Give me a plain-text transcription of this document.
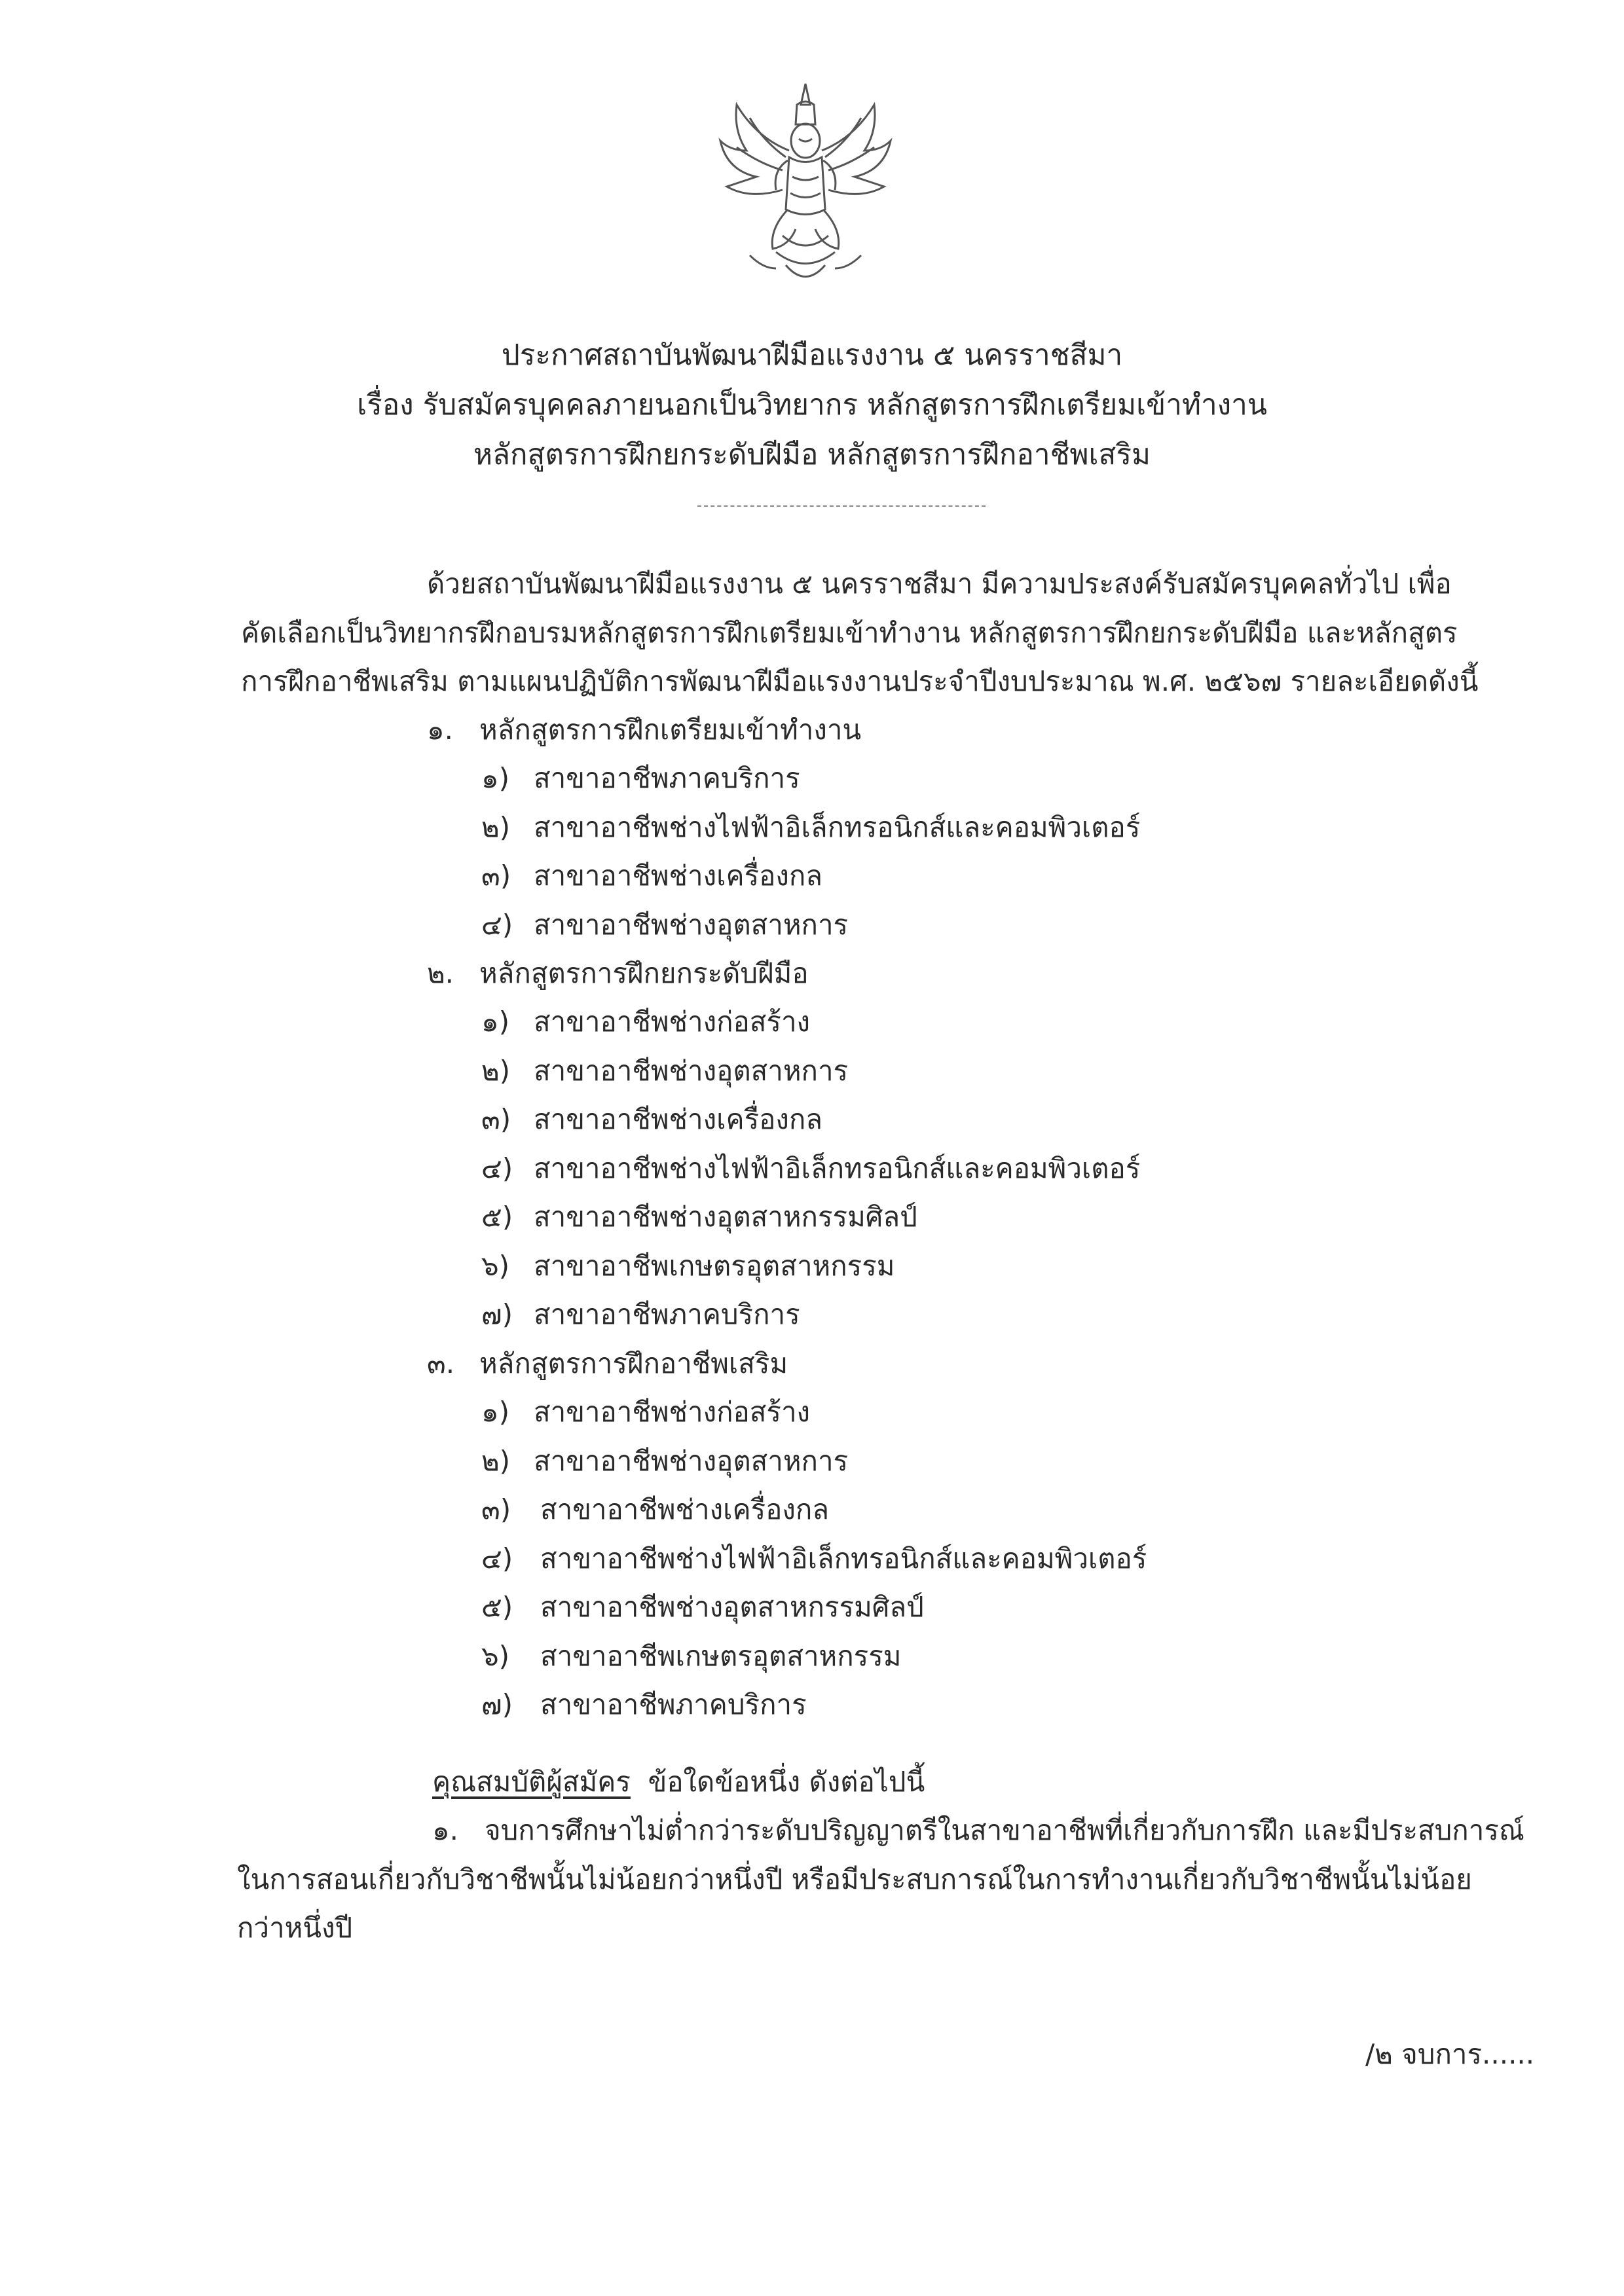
ประกาศสถาบันพัฒนาฝีมือแรงงาน ๕ นครราชสีมา
เรื่อง รับสมัครบุคคลภายนอกเป็นวิทยากร หลักสูตรการฝึกเตรียมเข้าทำงาน
หลักสูตรการฝึกยกระดับฝีมือ หลักสูตรการฝึกอาชีพเสริม
ด้วยสถาบันพัฒนาฝีมือแรงงาน ๕ นครราชสีมา มีความประสงค์รับสมัครบุคคลทั่วไป เพื่อ
คัดเลือกเป็นวิทยากรฝึกอบรมหลักสูตรการฝึกเตรียมเข้าทำงาน หลักสูตรการฝึกยกระดับฝีมือ และหลักสูตร
การฝึกอาชีพเสริม ตามแผนปฏิบัติการพัฒนาฝีมือแรงงานประจำปีงบประมาณ พ.ศ. ๒๕๖๗ รายละเอียดดังนี้
๑. หลักสูตรการฝึกเตรียมเข้าทำงาน
๑) สาขาอาชีพภาคบริการ
๒) สาขาอาชีพช่างไฟฟ้าอิเล็กทรอนิกส์และคอมพิวเตอร์
๓) สาขาอาชีพช่างเครื่องกล
๔) สาขาอาชีพช่างอุตสาหการ
๒. หลักสูตรการฝึกยกระดับฝีมือ
๑) สาขาอาชีพช่างก่อสร้าง
๒) สาขาอาชีพช่างอุตสาหการ
๓) สาขาอาชีพช่างเครื่องกล
๔) สาขาอาชีพช่างไฟฟ้าอิเล็กทรอนิกส์และคอมพิวเตอร์
๕) สาขาอาชีพช่างอุตสาหกรรมศิลป์
๖) สาขาอาชีพเกษตรอุตสาหกรรม
๗) สาขาอาชีพภาคบริการ
๓. หลักสูตรการฝึกอาชีพเสริม
๑) สาขาอาชีพช่างก่อสร้าง
๒) สาขาอาชีพช่างอุตสาหการ
๓) สาขาอาชีพช่างเครื่องกล
๔) สาขาอาชีพช่างไฟฟ้าอิเล็กทรอนิกส์และคอมพิวเตอร์
๕) สาขาอาชีพช่างอุตสาหกรรมศิลป์
๖) สาขาอาชีพเกษตรอุตสาหกรรม
๗) สาขาอาชีพภาคบริการ
คุณสมบัติผู้สมัคร ข้อใดข้อหนึ่ง ดังต่อไปนี้
๑. จบการศึกษาไม่ต่ำกว่าระดับปริญญาตรีในสาขาอาชีพที่เกี่ยวกับการฝึก และมีประสบการณ์
ในการสอนเกี่ยวกับวิชาชีพนั้นไม่น้อยกว่าหนึ่งปี หรือมีประสบการณ์ในการทำงานเกี่ยวกับวิชาชีพนั้นไม่น้อย
กว่าหนึ่งปี
/๒ จบการ......
